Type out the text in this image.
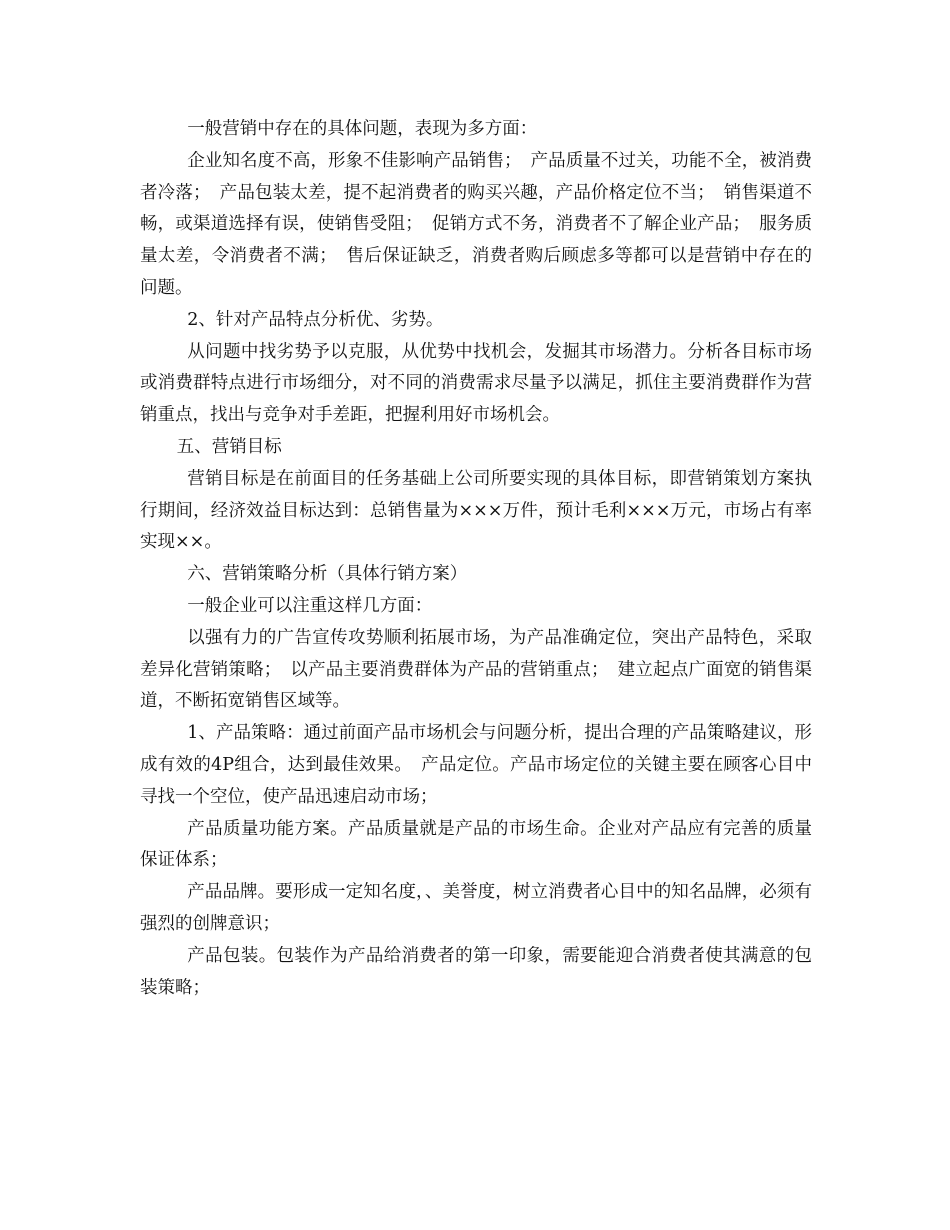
一般营销中存在的具体问题，表现为多方面：

企业知名度不高，形象不佳影响产品销售；　产品质量不过关，功能不全，被消费者冷落；　产品包装太差，提不起消费者的购买兴趣，产品价格定位不当；　销售渠道不畅，或渠道选择有误，使销售受阻；　促销方式不务，消费者不了解企业产品；　服务质量太差，令消费者不满；　售后保证缺乏，消费者购后顾虑多等都可以是营销中存在的问题。

2、针对产品特点分析优、劣势。

从问题中找劣势予以克服，从优势中找机会，发掘其市场潜力。分析各目标市场或消费群特点进行市场细分，对不同的消费需求尽量予以满足，抓住主要消费群作为营销重点，找出与竞争对手差距，把握利用好市场机会。

五、营销目标

营销目标是在前面目的任务基础上公司所要实现的具体目标，即营销策划方案执行期间，经济效益目标达到：总销售量为×××万件，预计毛利×××万元，市场占有率实现××。

六、营销策略分析（具体行销方案）

一般企业可以注重这样几方面：

以强有力的广告宣传攻势顺利拓展市场，为产品准确定位，突出产品特色，采取差异化营销策略；　以产品主要消费群体为产品的营销重点；　建立起点广面宽的销售渠道，不断拓宽销售区域等。

1、产品策略：通过前面产品市场机会与问题分析，提出合理的产品策略建议，形成有效的4P组合，达到最佳效果。　产品定位。产品市场定位的关键主要在顾客心目中寻找一个空位，使产品迅速启动市场；

产品质量功能方案。产品质量就是产品的市场生命。企业对产品应有完善的质量保证体系；

产品品牌。要形成一定知名度，、美誉度，树立消费者心目中的知名品牌，必须有强烈的创牌意识；

产品包装。包装作为产品给消费者的第一印象，需要能迎合消费者使其满意的包装策略；
